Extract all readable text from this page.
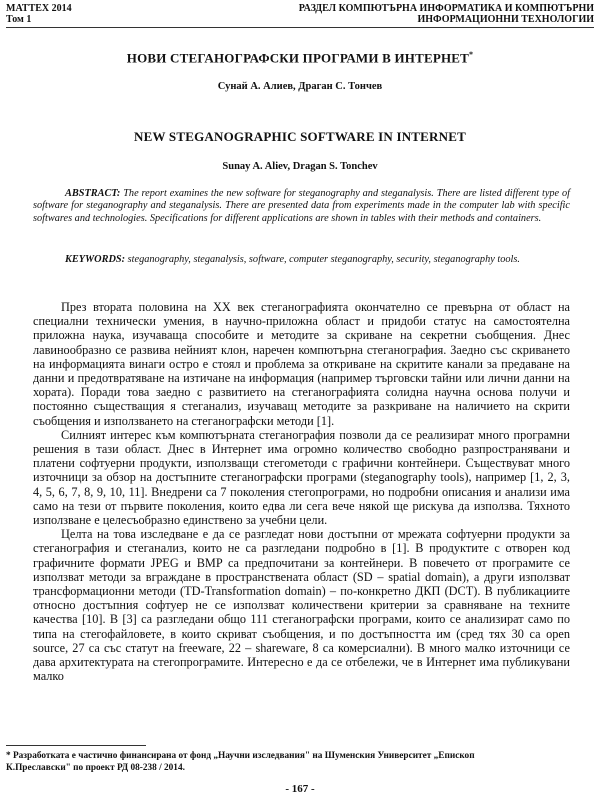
MATTEX 2014
Том 1
РАЗДЕЛ КОМПЮТЪРНА ИНФОРМАТИКА И КОМПЮТЪРНИ
ИНФОРМАЦИОННИ ТЕХНОЛОГИИ
НОВИ СТЕГАНОГРАФСКИ ПРОГРАМИ В ИНТЕРНЕТ*
Сунай А. Алиев, Драган С. Тончев
NEW STEGANOGRAPHIC SOFTWARE IN INTERNET
Sunay A. Aliev, Dragan S. Tonchev
ABSTRACT: The report examines the new software for steganography and steganalysis. There are listed different type of software for steganography and steganalysis. There are presented data from experiments made in the computer lab with specific softwares and technologies. Specifications for different applications are shown in tables with their methods and containers.
KEYWORDS: steganography, steganalysis, software, computer steganography, security, steganography tools.

През втората половина на XX век стеганографията окончателно се превърна от област на специални технически умения, в научно-приложна област и придоби статус на самостоятелна приложна наука, изучаваща способите и методите за скриване на секретни съобщения. Днес лавинообразно се развива нейният клон, наречен компютърна стеганография. Заедно със скриването на информацията винаги остро е стоял и проблема за откриване на скритите канали за предаване на данни и предотвратяване на изтичане на информация (например търговски тайни или лични данни на хората). Поради това заедно с развитието на стеганографията солидна научна основа получи и постоянно съществащия я стеганализ, изучаващ методите за разкриване на наличието на скрити съобщения и използването на стеганографски методи [1].

Силният интерес към компютърната стеганография позволи да се реализират много програмни решения в тази област. Днес в Интернет има огромно количество свободно разпространявани и платени софтуерни продукти, използващи стегометоди с графични контейнери. Съществуват много източници за обзор на достъпните стеганографски програми (steganography tools), например [1, 2, 3, 4, 5, 6, 7, 8, 9, 10, 11]. Внедрени са 7 поколения стегопрограми, но подробни описания и анализи има само на тези от първите поколения, които едва ли сега вече някой ще рискува да използва. Тяхното използване е целесъобразно единствено за учебни цели.

Целта на това изследване е да се разгледат нови достъпни от мрежата софтуерни продукти за стеганография и стеганализ, които не са разгледани подробно в [1]. В продуктите с отворен код графичните формати JPEG и BMP са предпочитани за контейнери. В повечето от програмите се използват методи за вграждане в пространствената област (SD – spatial domain), а други използват трансформационни методи (TD-Transformation domain) – по-конкретно ДКП (DCT). В публикациите относно достъпния софтуер не се използват количествени критерии за сравняване на техните качества [10]. В [3] са разгледани общо 111 стеганографски програми, които се анализират само по типа на стегофайловете, в които скриват съобщения, и по достъпността им (сред тях 30 са open source, 27 са със статут на freeware, 22 – shareware, 8 са комерсиални). В много малко източници се дава архитектурата на стегопрограмите. Интересно е да се отбележи, че в Интернет има публикувани малко

* Разработката е частично финансирана от фонд „Научни изследвания" на Шуменския Университет „Епископ
К.Преславски" по проект РД 08-238 / 2014.
- 167 -
